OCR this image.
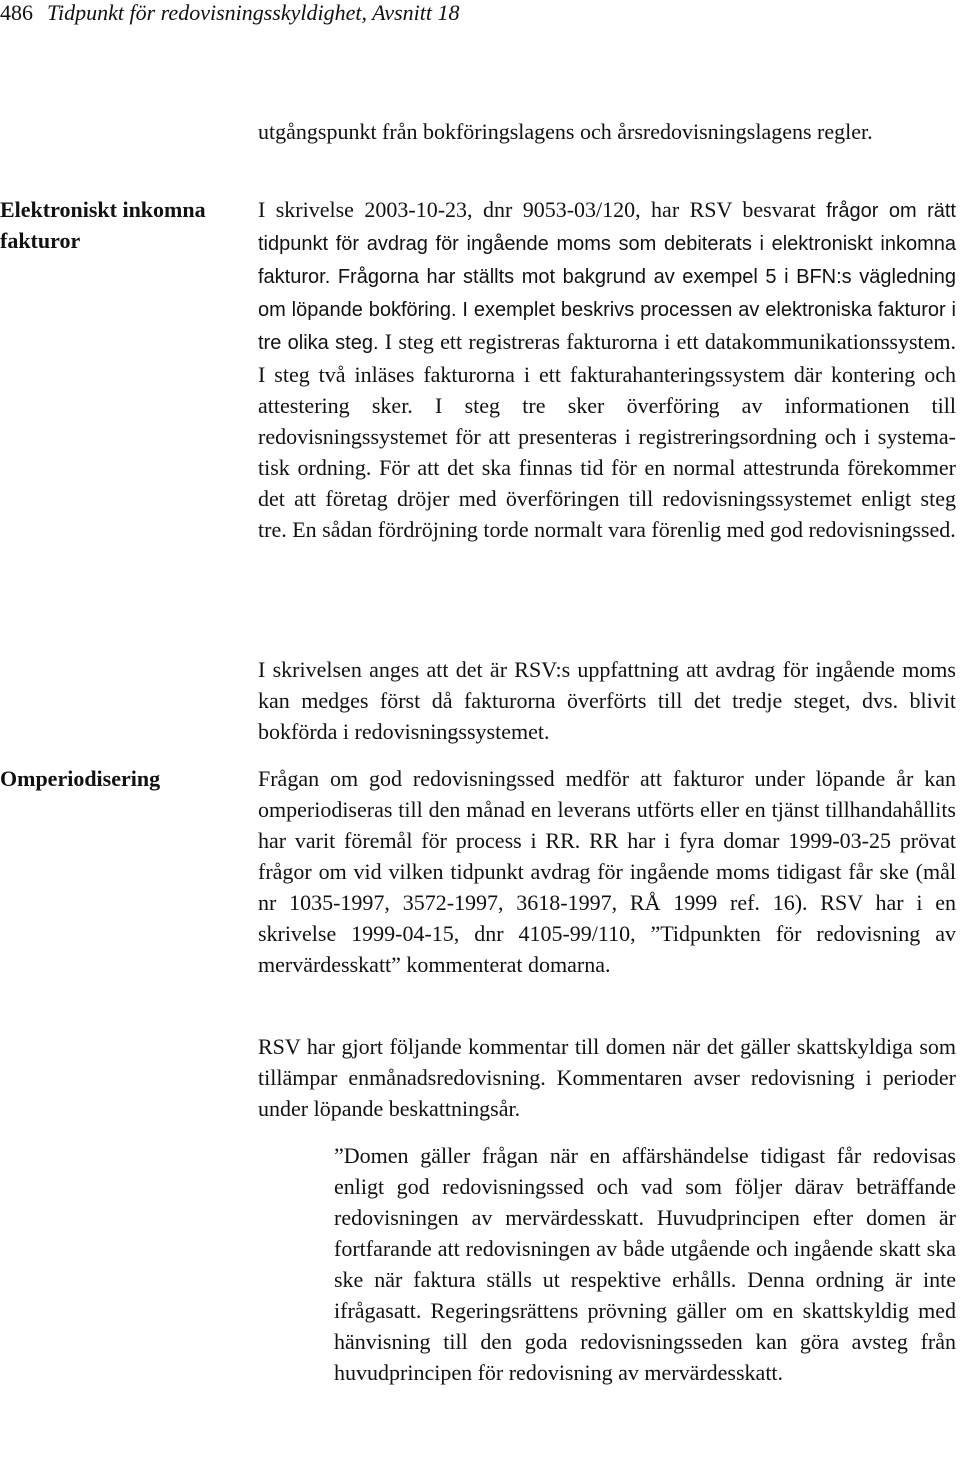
486 Tidpunkt för redovisningsskyldighet, Avsnitt 18

utgångspunkt från bokföringslagens och årsredovisningslagens regler.

Elektroniskt inkomna fakturor

I skrivelse 2003-10-23, dnr 9053-03/120, har RSV besvarat frågor om rätt tidpunkt för avdrag för ingående moms som debiterats i elektroniskt inkomna fakturor. Frågorna har ställts mot bakgrund av exempel 5 i BFN:s vägledning om löpande bokföring. I exemplet beskrivs processen av elektroniska fakturor i tre olika steg. I steg ett registreras fakturorna i ett datakommunikationssystem. I steg två inläses fakturorna i ett fakturahanteringssystem där kontering och attestering sker. I steg tre sker överföring av informationen till redovisningssystemet för att presenteras i registreringsordning och i systematisk ordning. För att det ska finnas tid för en normal attestrunda förekommer det att företag dröjer med överföringen till redovisningssystemet enligt steg tre. En sådan fördröjning torde normalt vara förenlig med god redovisningssed.

I skrivelsen anges att det är RSV:s uppfattning att avdrag för ingående moms kan medges först då fakturorna överförts till det tredje steget, dvs. blivit bokförda i redovisningssystemet.

Omperiodisering	Frågan om god redovisningssed medför att fakturor under löpande år kan omperiodiseras till den månad en leverans utförts eller en tjänst tillhandahållits har varit föremål för process i RR. RR har i fyra domar 1999-03-25 prövat frågor om vid vilken tidpunkt avdrag för ingående moms tidigast får ske (mål nr 1035-1997, 3572-1997, 3618-1997, RÅ 1999 ref. 16). RSV har i en skrivelse 1999-04-15, dnr 4105-99/110, ”Tidpunkten för redovisning av mervärdesskatt” kommenterat domarna.

RSV har gjort följande kommentar till domen när det gäller skattskyldiga som tillämpar enmånadsredovisning. Kommentaren avser redovisning i perioder under löpande beskattningsår.

”Domen gäller frågan när en affärshändelse tidigast får redovisas enligt god redovisningssed och vad som följer därav beträffande redovisningen av mervärdesskatt. Huvudprincipen efter domen är fortfarande att redovisningen av både utgående och ingående skatt ska ske när faktura ställs ut respektive erhålls. Denna ordning är inte ifrågasatt. Regeringsrättens prövning gäller om en skattskyldig med hänvisning till den goda redovisningsseden kan göra avsteg från huvudprincipen för redovisning av mervärdesskatt.
